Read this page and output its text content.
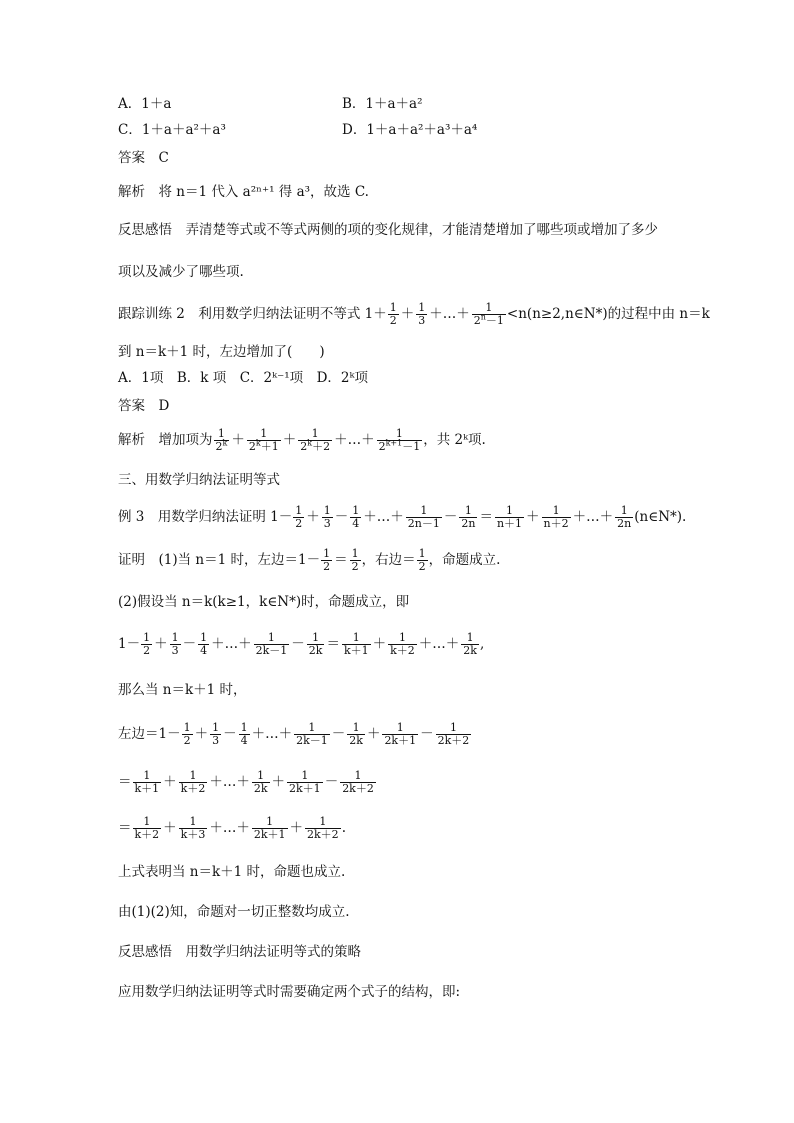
A．1＋a	B．1＋a＋a²
C．1＋a＋a²＋a³	D．1＋a＋a²＋a³＋a⁴
答案　C
解析　将 n＝1 代入 a²ⁿ⁺¹ 得 a³，故选 C.
反思感悟　弄清楚等式或不等式两侧的项的变化规律，才能清楚增加了哪些项或增加了多少
项以及减少了哪些项.
跟踪训练 2　利用数学归纳法证明不等式 $1+ \frac{1}{2} + \frac{1}{3}$ ＋…＋ $\frac{1}{2^n-1}$ <n(n≥2,n∈N*)的过程中由 n＝k
到 n＝k＋1 时，左边增加了(　　)
A．1项　B．k 项　C．2ᵏ⁻¹项　D．2ᵏ项
答案　D
解析　增加项为 $\frac{1}{2^k} + \frac{1}{2^k+1} + \frac{1}{2^k+2}$ ＋…＋ $\frac{1}{2^{k+1}-1}$ ，共 2ᵏ项.
三、用数学归纳法证明等式
例 3　用数学归纳法证明 $1- \frac{1}{2} + \frac{1}{3} - \frac{1}{4}$ ＋…＋ $\frac{1}{2n-1} - \frac{1}{2n} = \frac{1}{n+1} + \frac{1}{n+2}$ ＋…＋ $\frac{1}{2n}$ (n∈N*).
证明　(1)当 n＝1 时，左边$=1- \frac{1}{2} = \frac{1}{2}$ ，右边＝ $\frac{1}{2}$ ，命题成立.
(2)假设当 n＝k(k≥1，k∈N*)时，命题成立，即
$1- \frac{1}{2} + \frac{1}{3} - \frac{1}{4}$ ＋…＋ $\frac{1}{2k-1} - \frac{1}{2k} = \frac{1}{k+1} + \frac{1}{k+2}$ ＋…＋ $\frac{1}{2k}$ ,
那么当 n＝k＋1 时，
左边$=1- \frac{1}{2} + \frac{1}{3} - \frac{1}{4}$ ＋…＋ $\frac{1}{2k-1} - \frac{1}{2k} + \frac{1}{2k+1} - \frac{1}{2k+2}$
＝ $\frac{1}{k+1} + \frac{1}{k+2}$ ＋…＋ $\frac{1}{2k} + \frac{1}{2k+1} - \frac{1}{2k+2}$
＝ $\frac{1}{k+2} + \frac{1}{k+3}$ ＋…＋ $\frac{1}{2k+1} + \frac{1}{2k+2}$ .
上式表明当 n＝k＋1 时，命题也成立.
由(1)(2)知，命题对一切正整数均成立.
反思感悟　用数学归纳法证明等式的策略
应用数学归纳法证明等式时需要确定两个式子的结构，即:
